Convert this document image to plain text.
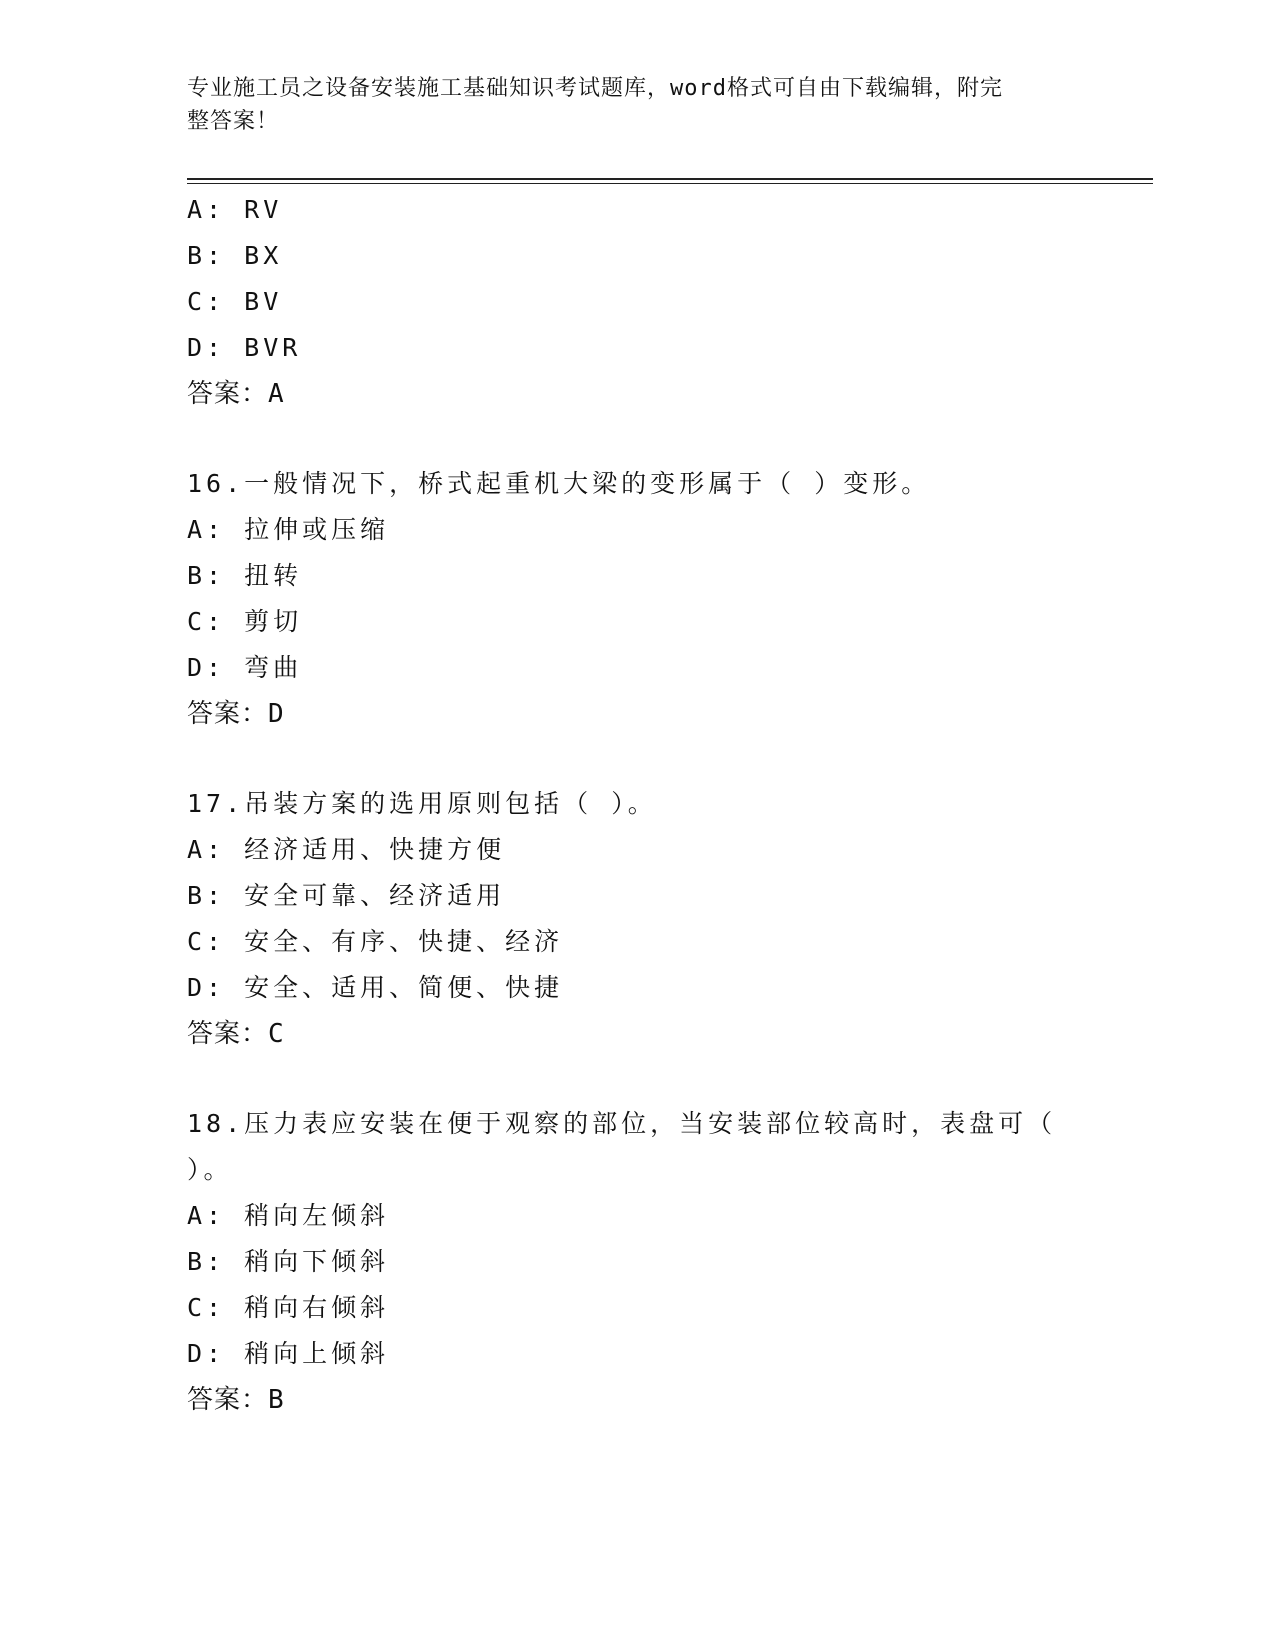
专业施工员之设备安装施工基础知识考试题库，word格式可自由下载编辑，附完
整答案！
A: RV
B: BX
C: BV
D: BVR
答案：A
16.一般情况下，桥式起重机大梁的变形属于（ ）变形。
A: 拉伸或压缩
B: 扭转
C: 剪切
D: 弯曲
答案：D
17.吊装方案的选用原则包括（ ）。
A: 经济适用、快捷方便
B: 安全可靠、经济适用
C: 安全、有序、快捷、经济
D: 安全、适用、简便、快捷
答案：C
18.压力表应安装在便于观察的部位，当安装部位较高时，表盘可（
）。
A: 稍向左倾斜
B: 稍向下倾斜
C: 稍向右倾斜
D: 稍向上倾斜
答案：B
